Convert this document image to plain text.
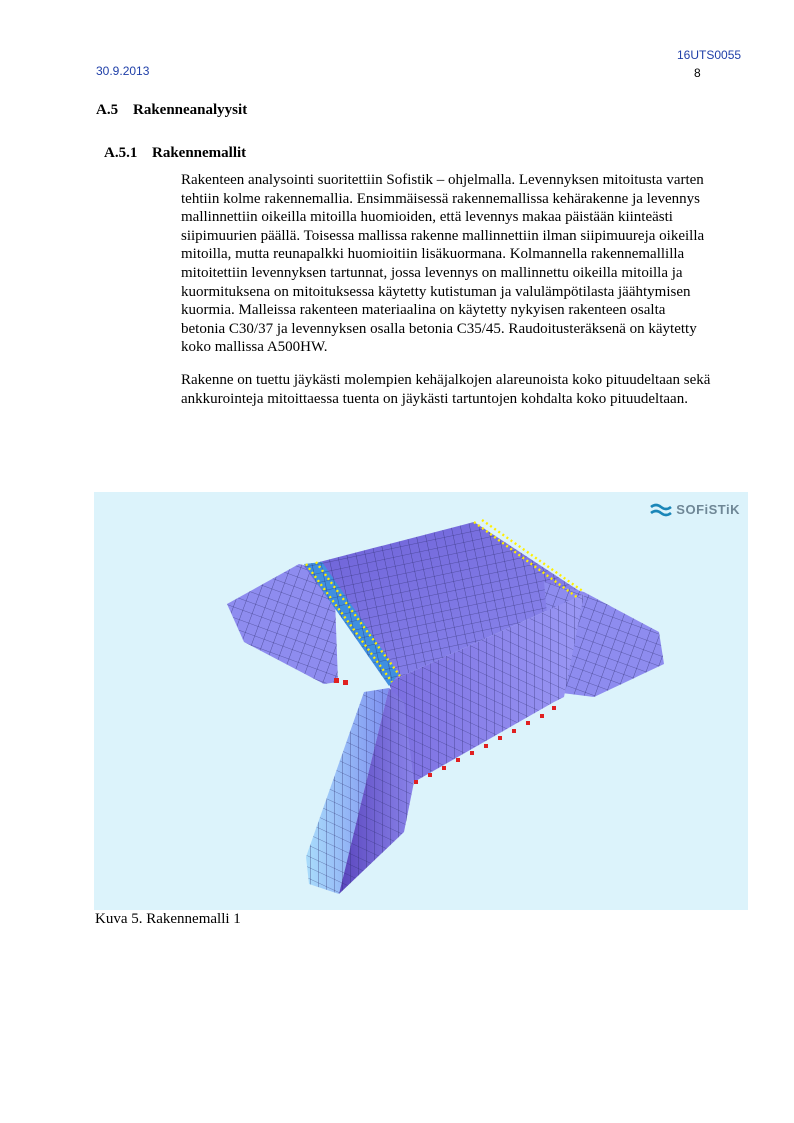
16UTS0055
30.9.2013	8
A.5 Rakenneanalyysit
A.5.1 Rakennemallit
Rakenteen analysointi suoritettiin Sofistik – ohjelmalla. Levennyksen mitoitusta varten
tehtiin kolme rakennemallia. Ensimmäisessä rakennemallissa kehärakenne ja levennys
mallinnettiin oikeilla mitoilla huomioiden, että levennys makaa päistään kiinteästi
siipimuurien päällä. Toisessa mallissa rakenne mallinnettiin ilman siipimuureja oikeilla
mitoilla, mutta reunapalkki huomioitiin lisäkuormana. Kolmannella rakennemallilla
mitoitettiin levennyksen tartunnat, jossa levennys on mallinnettu oikeilla mitoilla ja
kuormituksena on mitoituksessa käytetty kutistuman ja valulämpötilasta jäähtymisen
kuormia. Malleissa rakenteen materiaalina on käytetty nykyisen rakenteen osalta
betonia C30/37 ja levennyksen osalla betonia C35/45. Raudoitusteräksenä on käytetty
koko mallissa A500HW.
Rakenne on tuettu jäykästi molempien kehäjalkojen alareunoista koko pituudeltaan sekä
ankkurointeja mitoittaessa tuenta on jäykästi tartuntojen kohdalta koko pituudeltaan.
SOFiSTiK
Kuva 5. Rakennemalli 1
